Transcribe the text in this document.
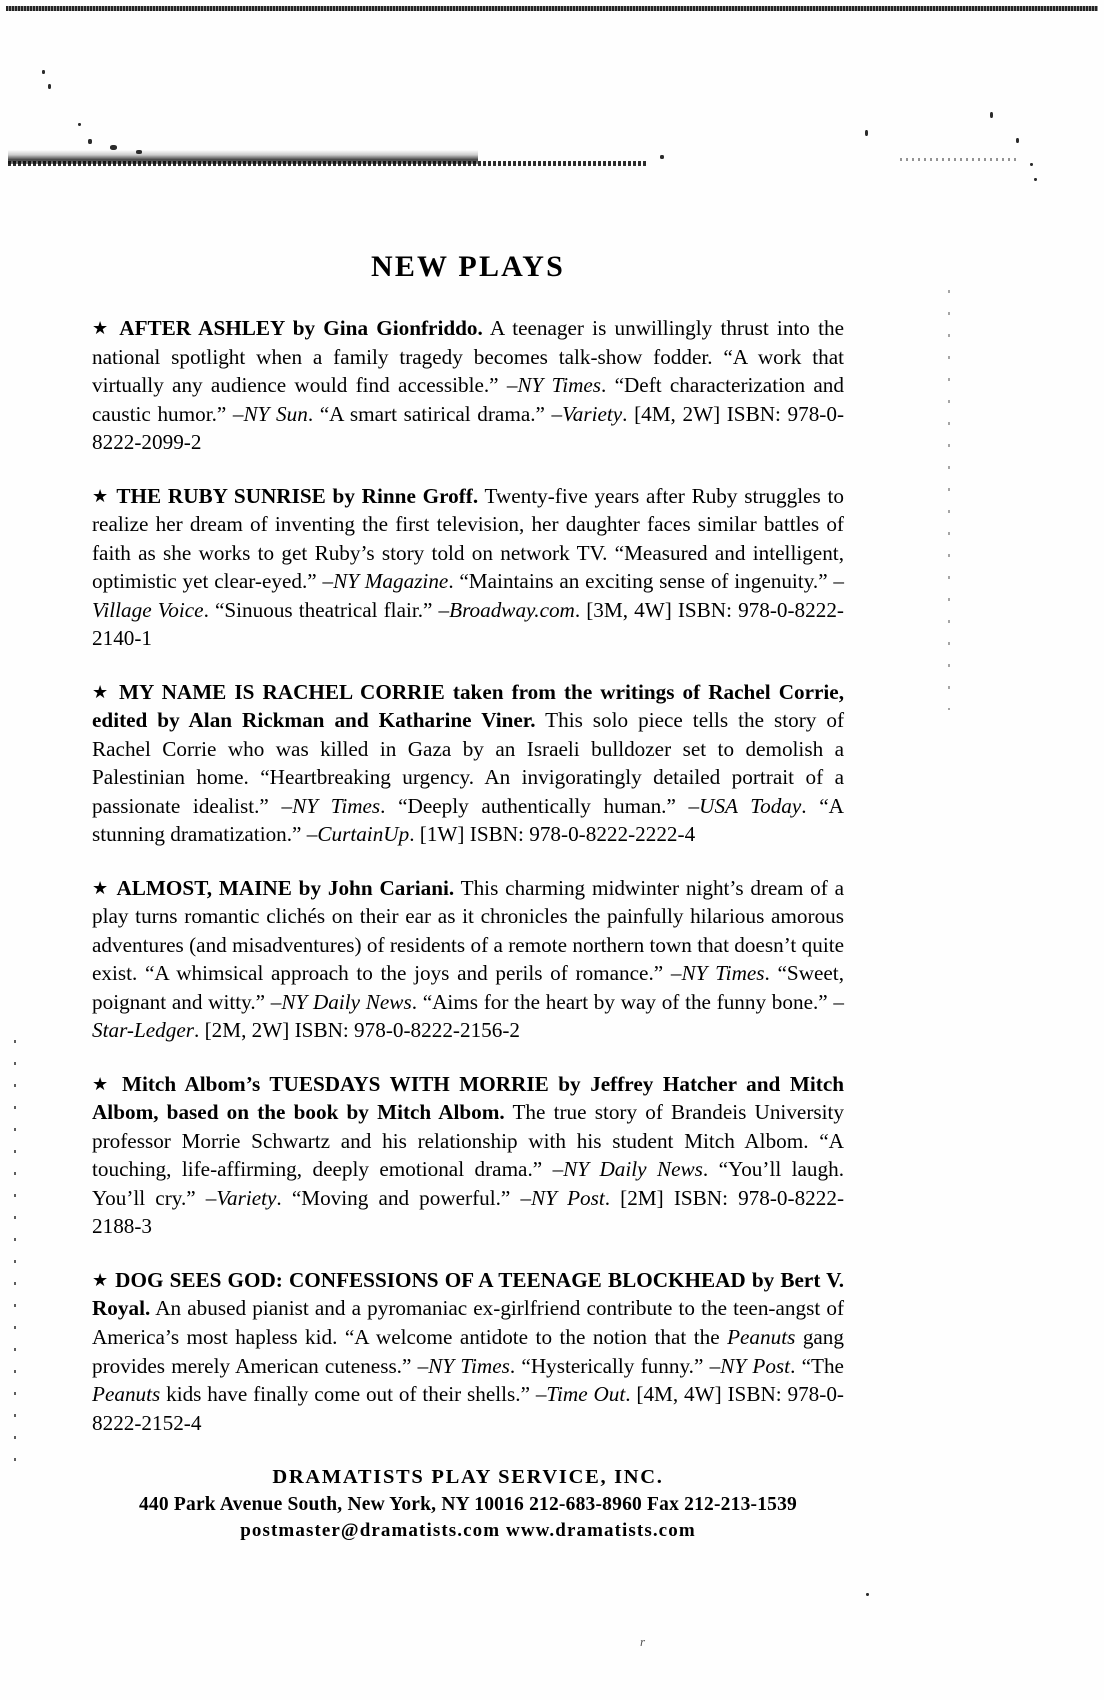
NEW PLAYS

★ AFTER ASHLEY by Gina Gionfriddo. A teenager is unwillingly thrust into the national spotlight when a family tragedy becomes talk-show fodder. “A work that virtually any audience would find accessible.” –NY Times. “Deft characterization and caustic humor.” –NY Sun. “A smart satirical drama.” –Variety. [4M, 2W] ISBN: 978-0-8222-2099-2

★ THE RUBY SUNRISE by Rinne Groff. Twenty-five years after Ruby struggles to realize her dream of inventing the first television, her daughter faces similar battles of faith as she works to get Ruby’s story told on network TV. “Measured and intelligent, optimistic yet clear-eyed.” –NY Magazine. “Maintains an exciting sense of ingenuity.” –Village Voice. “Sinuous theatrical flair.” –Broadway.com. [3M, 4W] ISBN: 978-0-8222-2140-1

★ MY NAME IS RACHEL CORRIE taken from the writings of Rachel Corrie, edited by Alan Rickman and Katharine Viner. This solo piece tells the story of Rachel Corrie who was killed in Gaza by an Israeli bulldozer set to demolish a Palestinian home. “Heartbreaking urgency. An invigoratingly detailed portrait of a passionate idealist.” –NY Times. “Deeply authentically human.” –USA Today. “A stunning dramatization.” –CurtainUp. [1W] ISBN: 978-0-8222-2222-4

★ ALMOST, MAINE by John Cariani. This charming midwinter night’s dream of a play turns romantic clichés on their ear as it chronicles the painfully hilarious amorous adventures (and misadventures) of residents of a remote northern town that doesn’t quite exist. “A whimsical approach to the joys and perils of romance.” –NY Times. “Sweet, poignant and witty.” –NY Daily News. “Aims for the heart by way of the funny bone.” –Star-Ledger. [2M, 2W] ISBN: 978-0-8222-2156-2

★ Mitch Albom’s TUESDAYS WITH MORRIE by Jeffrey Hatcher and Mitch Albom, based on the book by Mitch Albom. The true story of Brandeis University professor Morrie Schwartz and his relationship with his student Mitch Albom. “A touching, life-affirming, deeply emotional drama.” –NY Daily News. “You’ll laugh. You’ll cry.” –Variety. “Moving and powerful.” –NY Post. [2M] ISBN: 978-0-8222-2188-3

★ DOG SEES GOD: CONFESSIONS OF A TEENAGE BLOCKHEAD by Bert V. Royal. An abused pianist and a pyromaniac ex-girlfriend contribute to the teen-angst of America’s most hapless kid. “A welcome antidote to the notion that the Peanuts gang provides merely American cuteness.” –NY Times. “Hysterically funny.” –NY Post. “The Peanuts kids have finally come out of their shells.” –Time Out. [4M, 4W] ISBN: 978-0-8222-2152-4

DRAMATISTS PLAY SERVICE, INC.
440 Park Avenue South, New York, NY 10016 212-683-8960 Fax 212-213-1539
postmaster@dramatists.com www.dramatists.com
r
